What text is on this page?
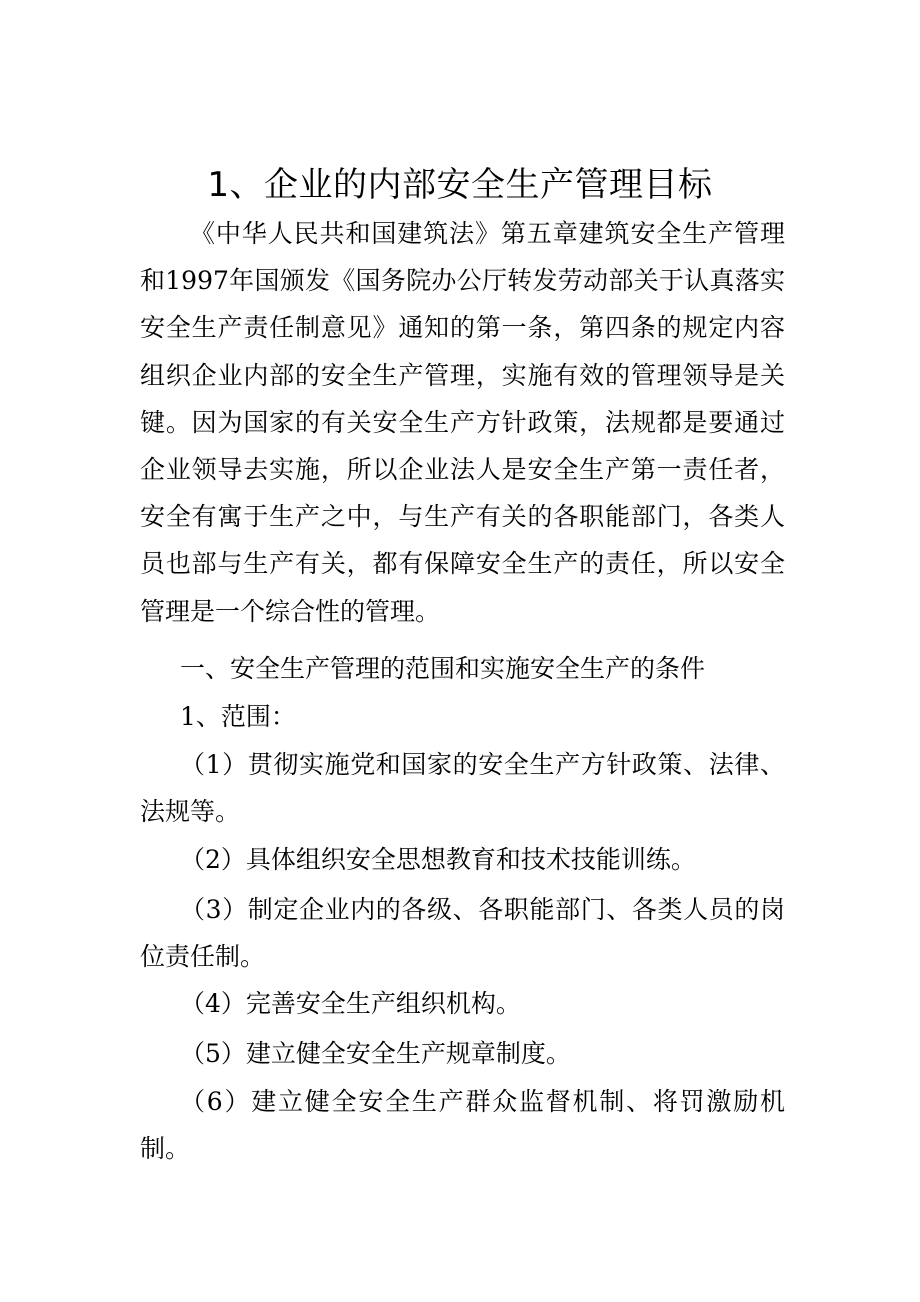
1、企业的内部安全生产管理目标

《中华人民共和国建筑法》第五章建筑安全生产管理和1997年国颁发《国务院办公厅转发劳动部关于认真落实安全生产责任制意见》通知的第一条，第四条的规定内容组织企业内部的安全生产管理，实施有效的管理领导是关键。因为国家的有关安全生产方针政策，法规都是要通过企业领导去实施，所以企业法人是安全生产第一责任者，安全有寓于生产之中，与生产有关的各职能部门，各类人员也部与生产有关，都有保障安全生产的责任，所以安全管理是一个综合性的管理。

一、安全生产管理的范围和实施安全生产的条件

1、范围：

（1）贯彻实施党和国家的安全生产方针政策、法律、法规等。

（2）具体组织安全思想教育和技术技能训练。

（3）制定企业内的各级、各职能部门、各类人员的岗位责任制。

（4）完善安全生产组织机构。

（5）建立健全安全生产规章制度。

（6）建立健全安全生产群众监督机制、将罚激励机制。
